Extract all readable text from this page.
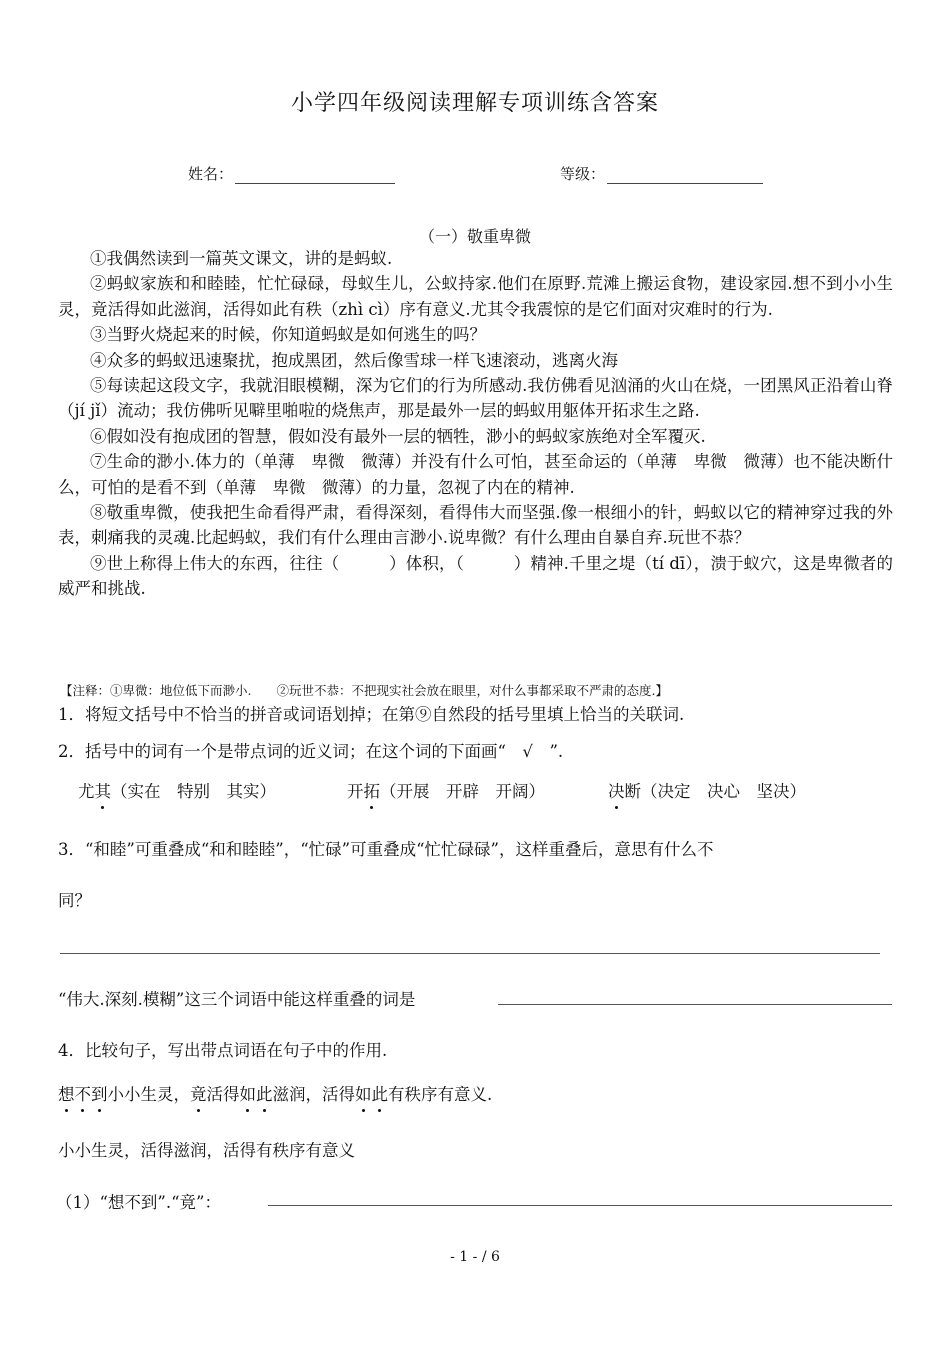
小学四年级阅读理解专项训练含答案
姓名：	等级：
（一）敬重卑微

①我偶然读到一篇英文课文，讲的是蚂蚁.

②蚂蚁家族和和睦睦，忙忙碌碌，母蚁生儿，公蚁持家.他们在原野.荒滩上搬运食物，建设家园.想不到小小生灵，竟活得如此滋润，活得如此有秩（zhì cì）序有意义.尤其令我震惊的是它们面对灾难时的行为.

③当野火烧起来的时候，你知道蚂蚁是如何逃生的吗？

④众多的蚂蚁迅速聚扰，抱成黑团，然后像雪球一样飞速滚动，逃离火海

⑤每读起这段文字，我就泪眼模糊，深为它们的行为所感动.我仿佛看见汹涌的火山在烧，一团黑风正沿着山脊（jí jǐ）流动；我仿佛听见噼里啪啦的烧焦声，那是最外一层的蚂蚁用躯体开拓求生之路.

⑥假如没有抱成团的智慧，假如没有最外一层的牺牲，渺小的蚂蚁家族绝对全军覆灭.

⑦生命的渺小.体力的（单薄　卑微　微薄）并没有什么可怕，甚至命运的（单薄　卑微　微薄）也不能决断什么，可怕的是看不到（单薄　卑微　微薄）的力量，忽视了内在的精神.

⑧敬重卑微，使我把生命看得严肃，看得深刻，看得伟大而坚强.像一根细小的针，蚂蚁以它的精神穿过我的外表，刺痛我的灵魂.比起蚂蚁，我们有什么理由言渺小.说卑微？有什么理由自暴自弃.玩世不恭？

⑨世上称得上伟大的东西，往往（　　　）体积，（　　　）精神.千里之堤（tí dī），溃于蚁穴，这是卑微者的威严和挑战.

【注释：①卑微：地位低下而渺小.　　②玩世不恭：不把现实社会放在眼里，对什么事都采取不严肃的态度.】
1．将短文括号中不恰当的拼音或词语划掉；在第⑨自然段的括号里填上恰当的关联词.
2．括号中的词有一个是带点词的近义词；在这个词的下面画“　√　”.
尤其（实在　特别　其实）	开拓（开展　开辟　开阔）	决断（决定　决心　坚决）
3．“和睦”可重叠成“和和睦睦”，“忙碌”可重叠成“忙忙碌碌”，这样重叠后，意思有什么不
同？
“伟大.深刻.模糊”这三个词语中能这样重叠的词是
4．比较句子，写出带点词语在句子中的作用.
想不到小小生灵，竟活得如此滋润，活得如此有秩序有意义.
小小生灵，活得滋润，活得有秩序有意义
（1）“想不到”.“竟”：
- 1 - / 6
